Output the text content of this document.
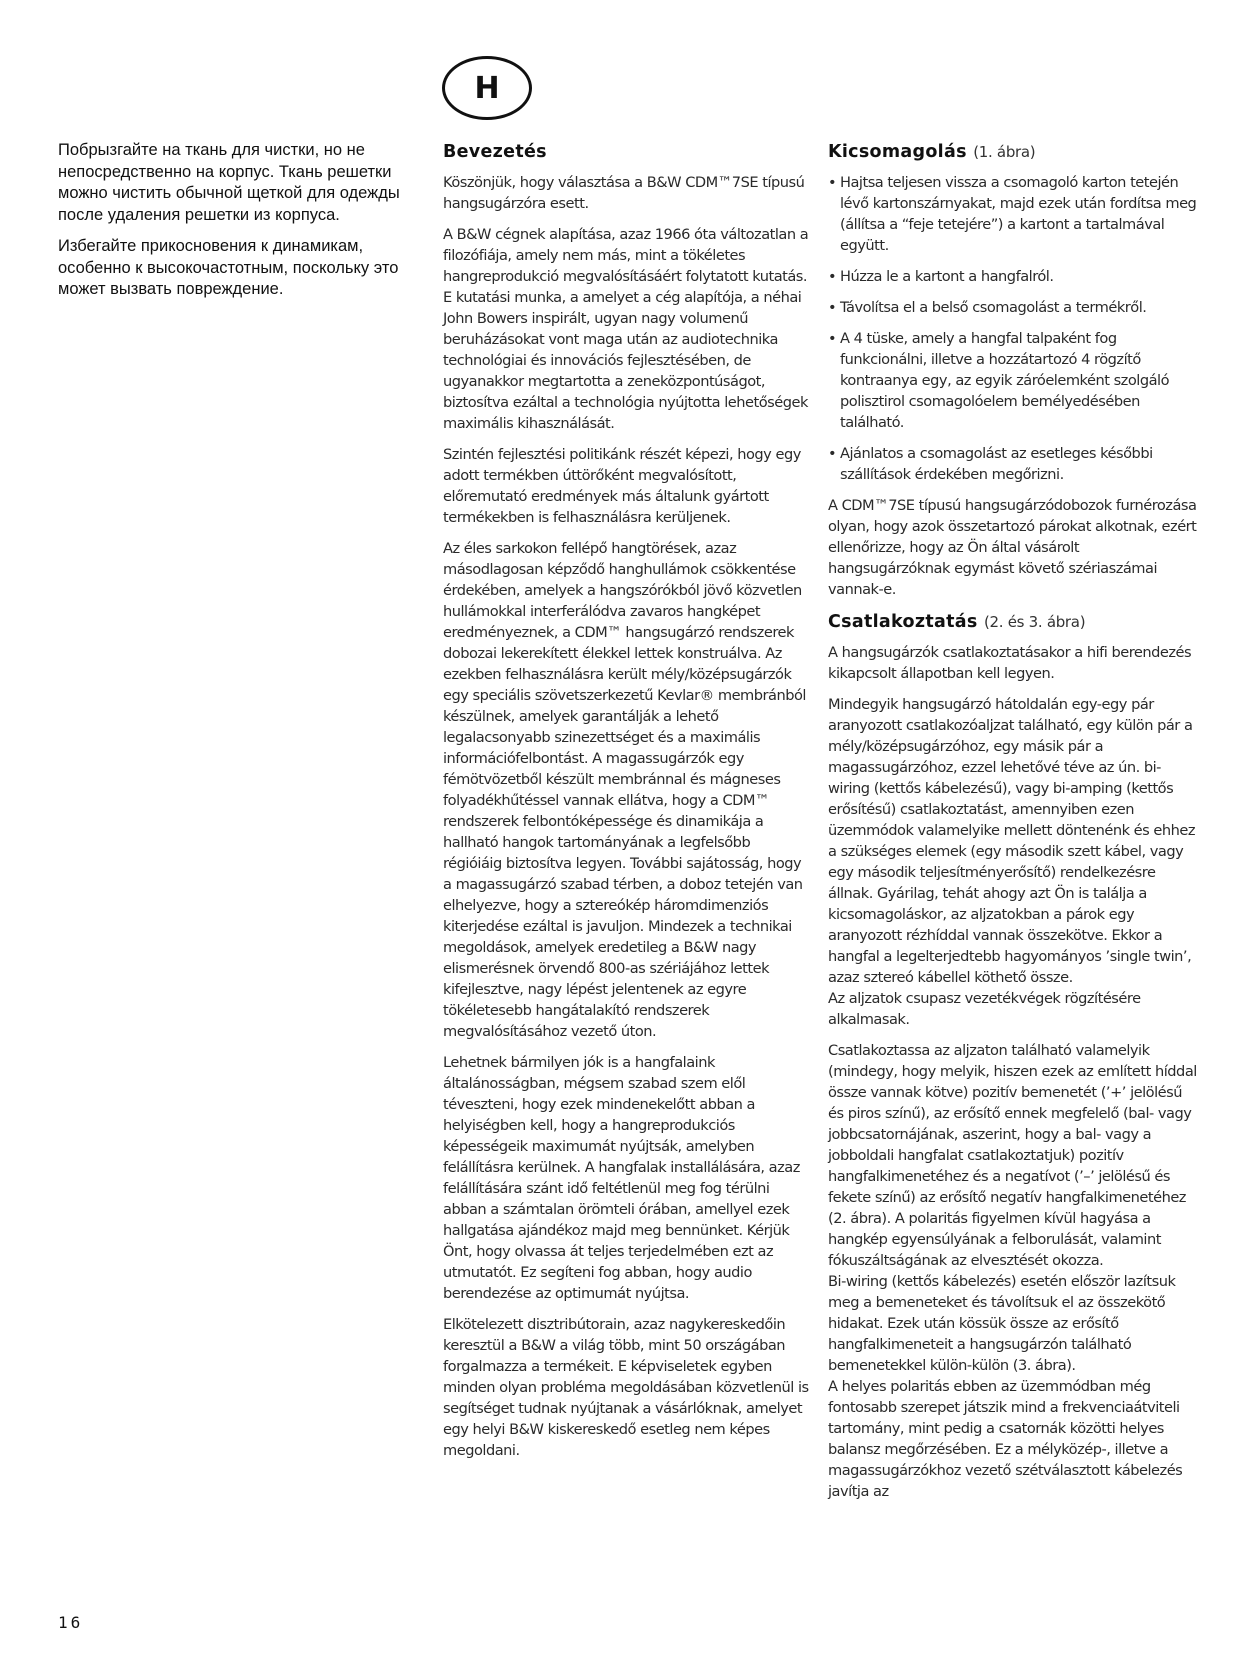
H

Побрызгайте на ткань для чистки, но не непосредственно на корпус. Ткань решетки можно чистить обычной щеткой для одежды после удаления решетки из корпуса.

Избегайте прикосновения к динамикам, особенно к высокочастотным, поскольку это может вызвать повреждение.

Bevezetés

Köszönjük, hogy választása a B&W CDM™7SE típusú hangsugárzóra esett.

A B&W cégnek alapítása, azaz 1966 óta változatlan a filozófiája, amely nem más, mint a tökéletes hangreprodukció megvalósításáért folytatott kutatás. E kutatási munka, a amelyet a cég alapítója, a néhai John Bowers inspirált, ugyan nagy volumenű beruházásokat vont maga után az audiotechnika technológiai és innovációs fejlesztésében, de ugyanakkor megtartotta a zeneközpontúságot, biztosítva ezáltal a technológia nyújtotta lehetőségek maximális kihasználását.

Szintén fejlesztési politikánk részét képezi, hogy egy adott termékben úttörőként megvalósított, előremutató eredmények más általunk gyártott termékekben is felhasználásra kerüljenek.

Az éles sarkokon fellépő hangtörések, azaz másodlagosan képződő hanghullámok csökkentése érdekében, amelyek a hangszórókból jövő közvetlen hullámokkal interferálódva zavaros hangképet eredményeznek, a CDM™ hangsugárzó rendszerek dobozai lekerekített élekkel lettek konstruálva. Az ezekben felhasználásra került mély/középsugárzók egy speciális szövetszerkezetű Kevlar® membránból készülnek, amelyek garantálják a lehető legalacsonyabb szinezettséget és a maximális információfelbontást. A magassugárzók egy fémötvözetből készült membránnal és mágneses folyadékhűtéssel vannak ellátva, hogy a CDM™ rendszerek felbontóképessége és dinamikája a hallható hangok tartományának a legfelsőbb régióiáig biztosítva legyen. További sajátosság, hogy a magassugárzó szabad térben, a doboz tetején van elhelyezve, hogy a sztereókép háromdimenziós kiterjedése ezáltal is javuljon. Mindezek a technikai megoldások, amelyek eredetileg a B&W nagy elismerésnek örvendő 800-as szériájához lettek kifejlesztve, nagy lépést jelentenek az egyre tökéletesebb hangátalakító rendszerek megvalósításához vezető úton.

Lehetnek bármilyen jók is a hangfalaink általánosságban, mégsem szabad szem elől téveszteni, hogy ezek mindenekelőtt abban a helyiségben kell, hogy a hangreprodukciós képességeik maximumát nyújtsák, amelyben felállításra kerülnek. A hangfalak installálására, azaz felállítására szánt idő feltétlenül meg fog térülni abban a számtalan örömteli órában, amellyel ezek hallgatása ajándékoz majd meg bennünket. Kérjük Önt, hogy olvassa át teljes terjedelmében ezt az utmutatót. Ez segíteni fog abban, hogy audio berendezése az optimumát nyújtsa.

Elkötelezett disztribútorain, azaz nagykereskedőin keresztül a B&W a világ több, mint 50 országában forgalmazza a termékeit. E képviseletek egyben minden olyan probléma megoldásában közvetlenül is segítséget tudnak nyújtanak a vásárlóknak, amelyet egy helyi B&W kiskereskedő esetleg nem képes megoldani.

Kicsomagolás (1. ábra)
• Hajtsa teljesen vissza a csomagoló karton tetején lévő kartonszárnyakat, majd ezek után fordítsa meg (állítsa a “feje tetejére”) a kartont a tartalmával együtt.
• Húzza le a kartont a hangfalról.
• Távolítsa el a belső csomagolást a termékről.
• A 4 tüske, amely a hangfal talpaként fog funkcionálni, illetve a hozzátartozó 4 rögzítő kontraanya egy, az egyik záróelemként szolgáló polisztirol csomagolóelem bemélyedésében található.
• Ajánlatos a csomagolást az esetleges későbbi szállítások érdekében megőrizni.

A CDM™7SE típusú hangsugárzódobozok furnérozása olyan, hogy azok összetartozó párokat alkotnak, ezért ellenőrizze, hogy az Ön által vásárolt hangsugárzóknak egymást követő szériaszámai vannak-e.

Csatlakoztatás (2. és 3. ábra)

A hangsugárzók csatlakoztatásakor a hifi berendezés kikapcsolt állapotban kell legyen.

Mindegyik hangsugárzó hátoldalán egy-egy pár aranyozott csatlakozóaljzat található, egy külön pár a mély/középsugárzóhoz, egy másik pár a magassugárzóhoz, ezzel lehetővé téve az ún. bi-wiring (kettős kábelezésű), vagy bi-amping (kettős erősítésű) csatlakoztatást, amennyiben ezen üzemmódok valamelyike mellett döntenénk és ehhez a szükséges elemek (egy második szett kábel, vagy egy második teljesítményerősítő) rendelkezésre állnak. Gyárilag, tehát ahogy azt Ön is találja a kicsomagoláskor, az aljzatokban a párok egy aranyozott rézhíddal vannak összekötve. Ekkor a hangfal a legelterjedtebb hagyományos ’single twin’, azaz sztereó kábellel köthető össze.

Az aljzatok csupasz vezetékvégek rögzítésére alkalmasak.

Csatlakoztassa az aljzaton található valamelyik (mindegy, hogy melyik, hiszen ezek az említett híddal össze vannak kötve) pozitív bemenetét (’+’ jelölésű és piros színű), az erősítő ennek megfelelő (bal- vagy jobbcsatornájának, aszerint, hogy a bal- vagy a jobboldali hangfalat csatlakoztatjuk) pozitív hangfalkimenetéhez és a negatívot (’–’ jelölésű és fekete színű) az erősítő negatív hangfalkimenetéhez (2. ábra). A polaritás figyelmen kívül hagyása a hangkép egyensúlyának a felborulását, valamint fókuszáltságának az elvesztését okozza.

Bi-wiring (kettős kábelezés) esetén először lazítsuk meg a bemeneteket és távolítsuk el az összekötő hidakat. Ezek után kössük össze az erősítő hangfalkimeneteit a hangsugárzón található bemenetekkel külön-külön (3. ábra).

A helyes polaritás ebben az üzemmódban még fontosabb szerepet játszik mind a frekvenciaátviteli tartomány, mint pedig a csatornák közötti helyes balansz megőrzésében. Ez a mélyközép-, illetve a magassugárzókhoz vezető szétválasztott kábelezés javítja az

16
